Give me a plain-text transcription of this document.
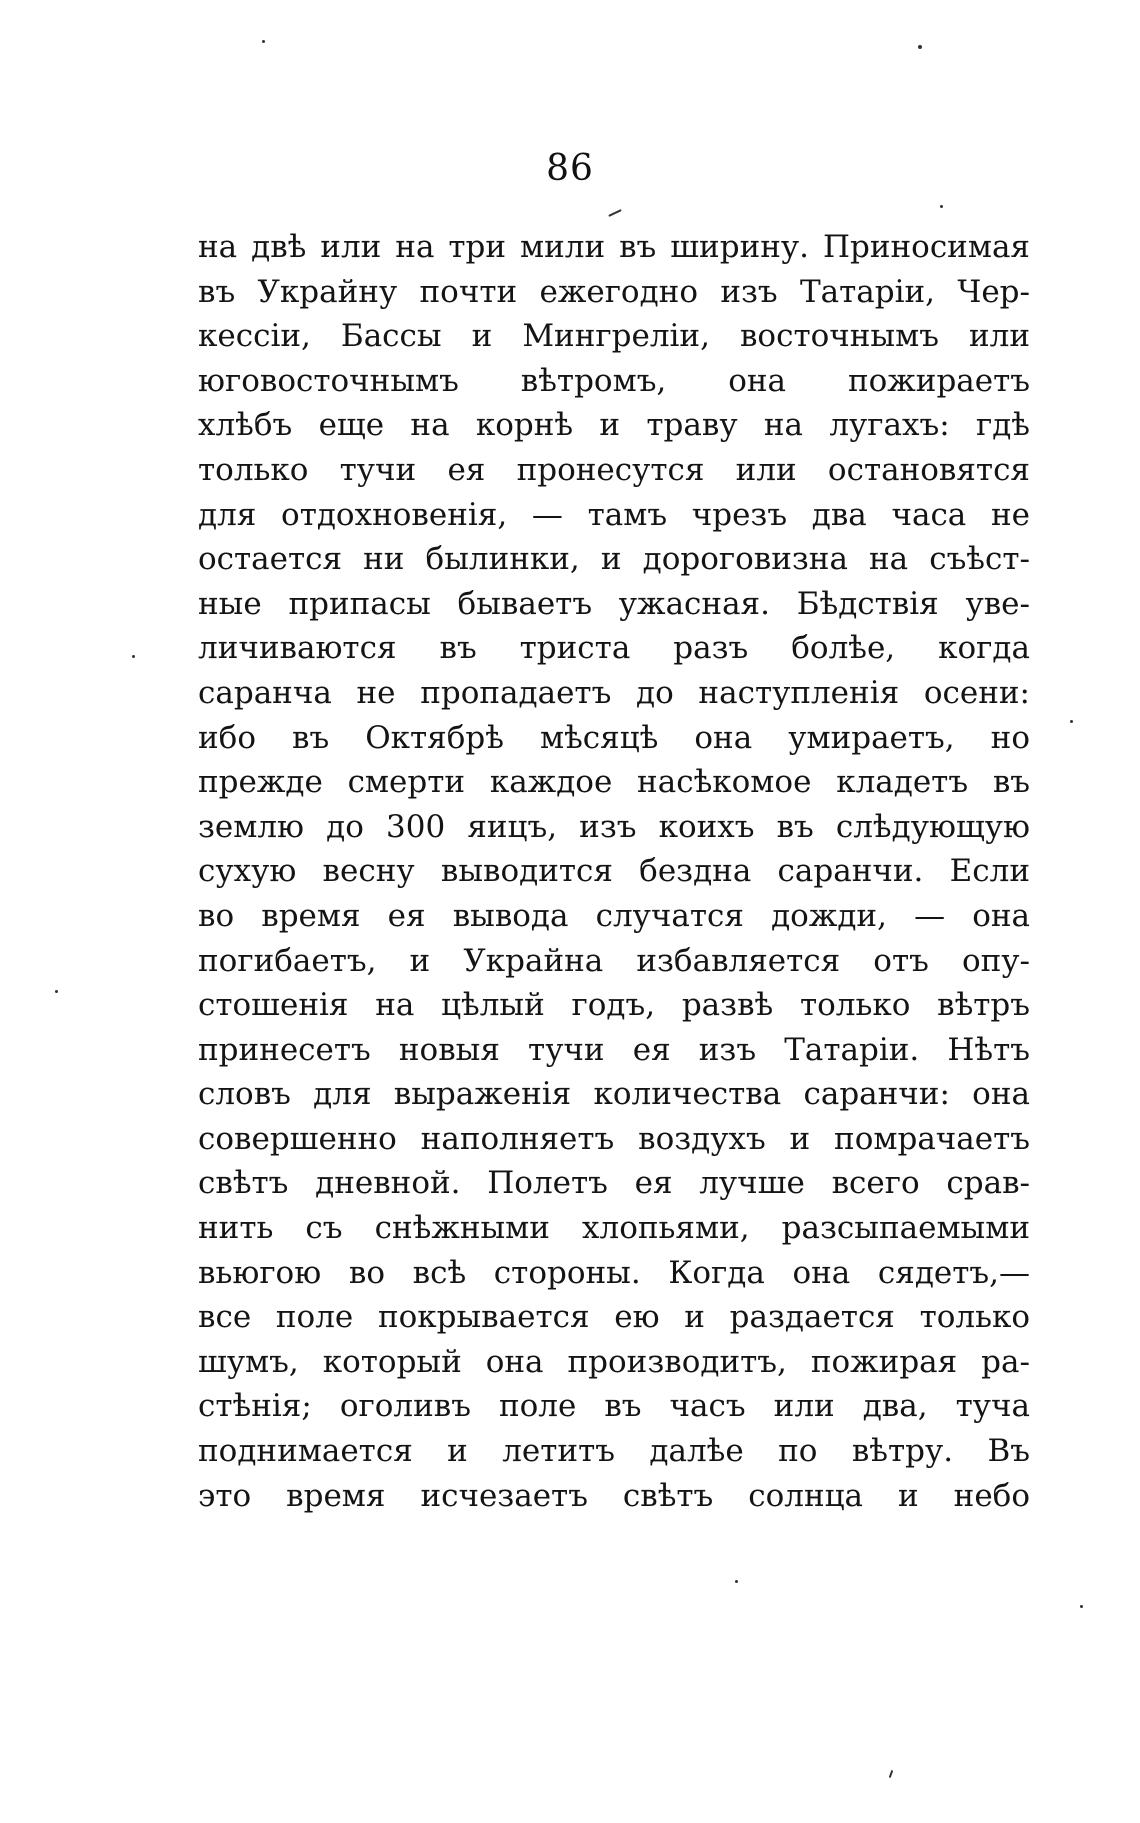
86
на двѣ или на три мили въ ширину. Приносимая
въ Украйну почти ежегодно изъ Татаріи, Чер-
кессіи, Бассы и Мингреліи, восточнымъ или
юговосточнымъ вѣтромъ, она пожираетъ
хлѣбъ еще на корнѣ и траву на лугахъ: гдѣ
только тучи ея пронесутся или остановятся
для отдохновенія, — тамъ чрезъ два часа не
остается ни былинки, и дороговизна на съѣст-
ные припасы бываетъ ужасная. Бѣдствія уве-
личиваются въ триста разъ болѣе, когда
саранча не пропадаетъ до наступленія осени:
ибо въ Октябрѣ мѣсяцѣ она умираетъ, но
прежде смерти каждое насѣкомое кладетъ въ
землю до 300 яицъ, изъ коихъ въ слѣдующую
сухую весну выводится бездна саранчи. Если
во время ея вывода случатся дожди, — она
погибаетъ, и Украйна избавляется отъ опу-
стошенія на цѣлый годъ, развѣ только вѣтръ
принесетъ новыя тучи ея изъ Татаріи. Нѣтъ
словъ для выраженія количества саранчи: она
совершенно наполняетъ воздухъ и помрачаетъ
свѣтъ дневной. Полетъ ея лучше всего срав-
нить съ снѣжными хлопьями, разсыпаемыми
вьюгою во всѣ стороны. Когда она сядетъ,—
все поле покрывается ею и раздается только
шумъ, который она производитъ, пожирая ра-
стѣнія; оголивъ поле въ часъ или два, туча
поднимается и летитъ далѣе по вѣтру. Въ
это время исчезаетъ свѣтъ солнца и небо
